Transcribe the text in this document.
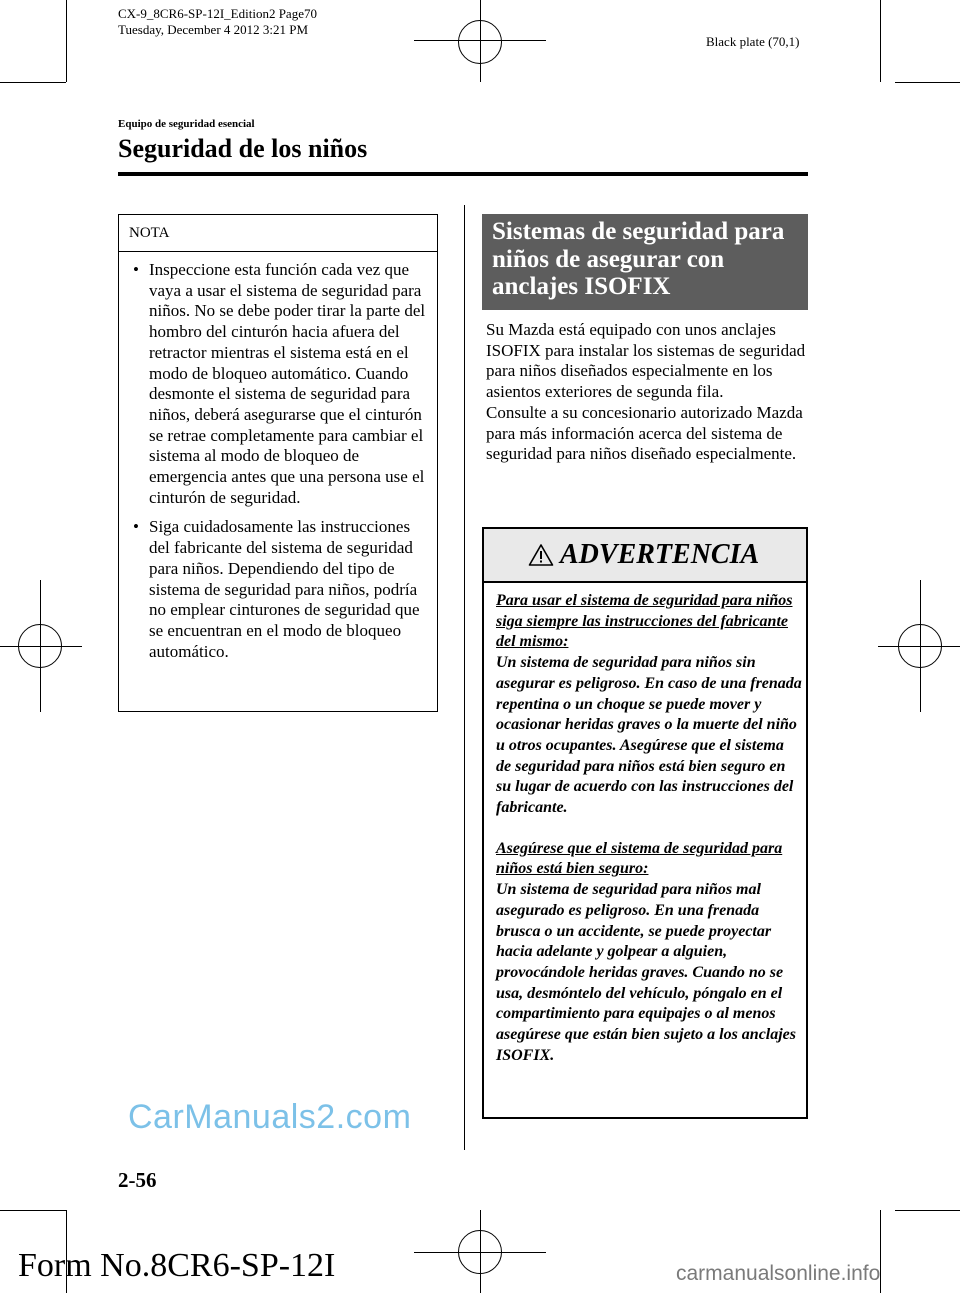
CX-9_8CR6-SP-12I_Edition2 Page70
Tuesday, December 4 2012 3:21 PM
Black plate (70,1)
Equipo de seguridad esencial
Seguridad de los niños
NOTA
• Inspeccione esta función cada vez que vaya a usar el sistema de seguridad para niños. No se debe poder tirar la parte del hombro del cinturón hacia afuera del retractor mientras el sistema está en el modo de bloqueo automático. Cuando desmonte el sistema de seguridad para niños, deberá asegurarse que el cinturón se retrae completamente para cambiar el sistema al modo de bloqueo de emergencia antes que una persona use el cinturón de seguridad.
• Siga cuidadosamente las instrucciones del fabricante del sistema de seguridad para niños. Dependiendo del tipo de sistema de seguridad para niños, podría no emplear cinturones de seguridad que se encuentran en el modo de bloqueo automático.
Sistemas de seguridad para niños de asegurar con anclajes ISOFIX
Su Mazda está equipado con unos anclajes ISOFIX para instalar los sistemas de seguridad para niños diseñados especialmente en los asientos exteriores de segunda fila.
Consulte a su concesionario autorizado Mazda para más información acerca del sistema de seguridad para niños diseñado especialmente.
ADVERTENCIA
Para usar el sistema de seguridad para niños siga siempre las instrucciones del fabricante del mismo:
Un sistema de seguridad para niños sin asegurar es peligroso. En caso de una frenada repentina o un choque se puede mover y ocasionar heridas graves o la muerte del niño u otros ocupantes. Asegúrese que el sistema de seguridad para niños está bien seguro en su lugar de acuerdo con las instrucciones del fabricante.
Asegúrese que el sistema de seguridad para niños está bien seguro:
Un sistema de seguridad para niños mal asegurado es peligroso. En una frenada brusca o un accidente, se puede proyectar hacia adelante y golpear a alguien, provocándole heridas graves. Cuando no se usa, desmóntelo del vehículo, póngalo en el compartimiento para equipajes o al menos asegúrese que están bien sujeto a los anclajes ISOFIX.
CarManuals2.com
2-56
Form No.8CR6-SP-12I	carmanualsonline.info
